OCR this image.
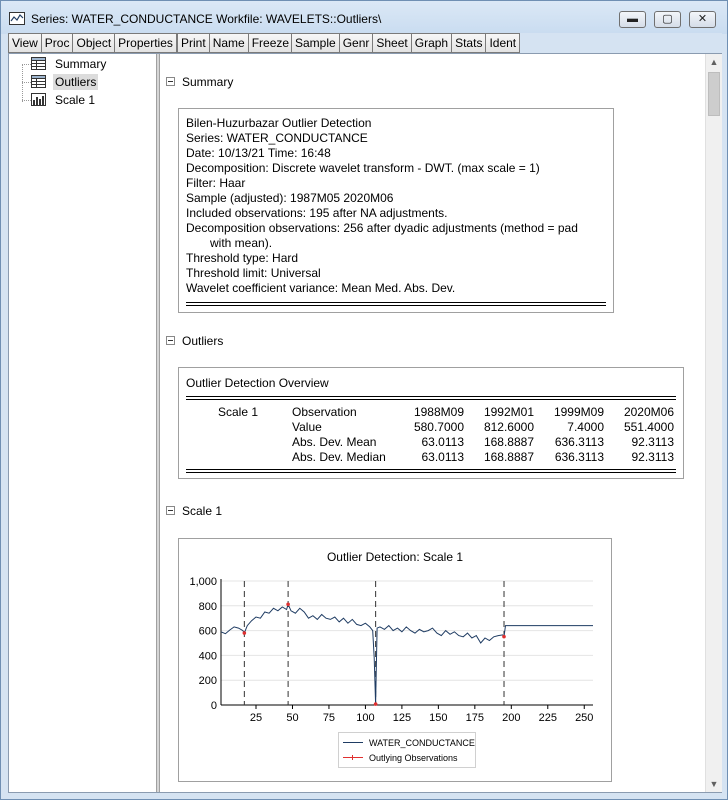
Series: WATER_CONDUCTANCE Workfile: WAVELETS::Outliers\	▬	▢	✕
View Proc Object Properties Print Name Freeze Sample Genr Sheet Graph Stats Ident
Summary
Outliers
Scale 1
Summary
Bilen-Huzurbazar Outlier Detection
Series: WATER_CONDUCTANCE
Date: 10/13/21 Time: 16:48
Decomposition: Discrete wavelet transform - DWT. (max scale = 1)
Filter: Haar
Sample (adjusted): 1987M05 2020M06
Included observations: 195 after NA adjustments.
Decomposition observations: 256 after dyadic adjustments (method = pad
with mean).
Threshold type: Hard
Threshold limit: Universal
Wavelet coefficient variance: Mean Med. Abs. Dev.
Outliers
Outlier Detection Overview
Scale 1	Observation	1988M09 1992M01 1999M09 2020M06
Value	580.7000 812.6000	7.4000 551.4000
Abs. Dev. Mean	63.0113 168.8887 636.3113 92.3113
Abs. Dev. Median	63.0113 168.8887 636.3113 92.3113
Scale 1
Outlier Detection: Scale 1
0
200
400
600
800
1,000
25 50 75 100 125 150 175 200 225 250
WATER_CONDUCTANCE
Outlying Observations
▲
▼
